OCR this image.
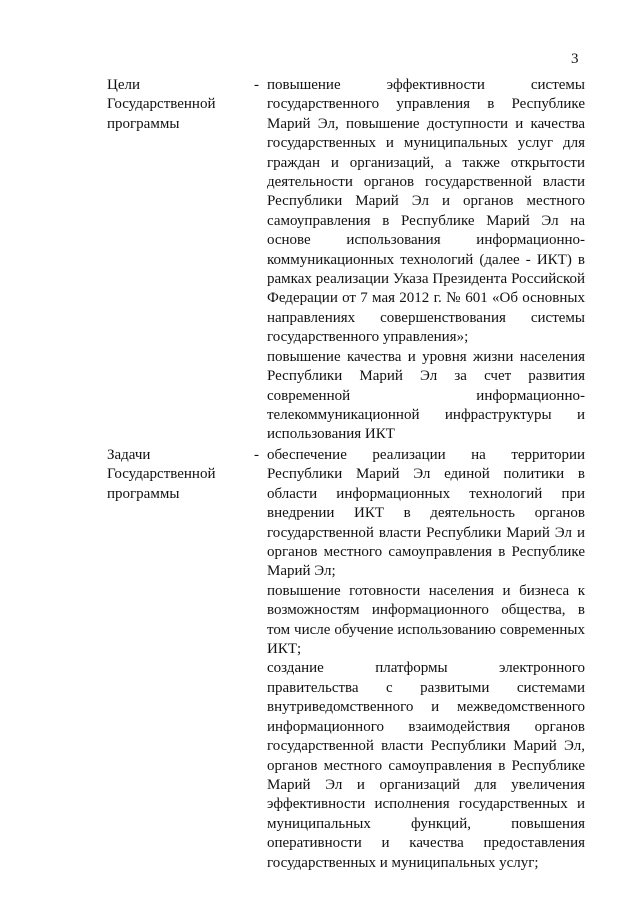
3
Цели
Государственной
программы
- повышение эффективности системы государственного управления в Республике Марий Эл, повышение доступности и качества государственных и муниципальных услуг для граждан и организаций, а также открытости деятельности органов государственной власти Республики Марий Эл и органов местного самоуправления в Республике Марий Эл на основе использования информационно-коммуникационных технологий (далее - ИКТ) в рамках реализации Указа Президента Российской Федерации от 7 мая 2012 г. № 601 «Об основных направлениях совершенствования системы государственного управления»;

повышение качества и уровня жизни населения Республики Марий Эл за счет развития современной информационно-телекоммуникационной инфраструктуры и использования ИКТ

Задачи
Государственной
программы
- обеспечение реализации на территории Республики Марий Эл единой политики в области информационных технологий при внедрении ИКТ в деятельность органов государственной власти Республики Марий Эл и органов местного самоуправления в Республике Марий Эл;

повышение готовности населения и бизнеса к возможностям информационного общества, в том числе обучение использованию современных ИКТ;

создание платформы электронного правительства с развитыми системами внутриведомственного и межведомственного информационного взаимодействия органов государственной власти Республики Марий Эл, органов местного самоуправления в Республике Марий Эл и организаций для увеличения эффективности исполнения государственных и муниципальных функций, повышения оперативности и качества предоставления государственных и муниципальных услуг;
